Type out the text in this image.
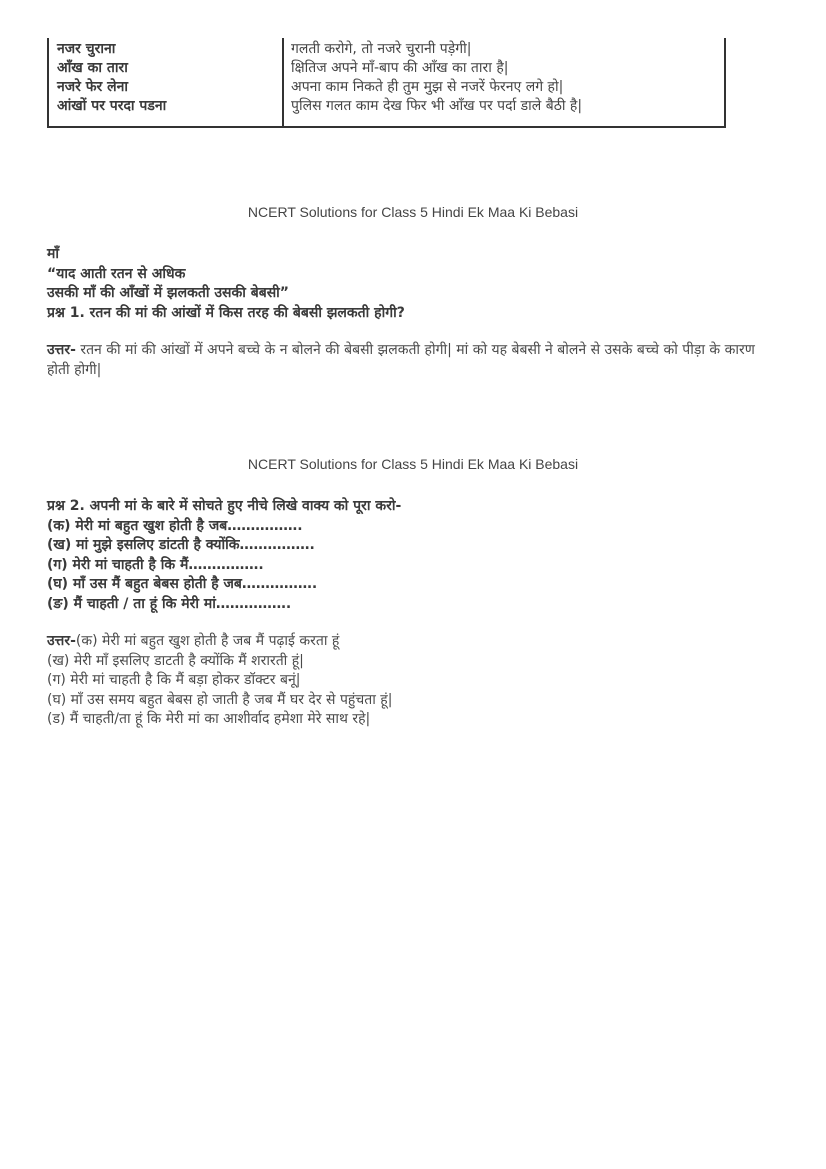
नजर चुराना	गलती करोगे, तो नजरे चुरानी पड़ेगी|
आँख का तारा	क्षितिज अपने माँ-बाप की आँख का तारा है|
नजरे फेर लेना	अपना काम निकते ही तुम मुझ से नजरें फेरनए लगे हो|
आंखों पर परदा पडना	पुलिस गलत काम देख फिर भी आँख पर पर्दा डाले बैठी है|
NCERT Solutions for Class 5 Hindi Ek Maa Ki Bebasi
माँ
“याद आती रतन से अधिक
उसकी माँ की आँखों में झलकती उसकी बेबसी”
प्रश्न 1. रतन की मां की आंखों में किस तरह की बेबसी झलकती होगी?
उत्तर- रतन की मां की आंखों में अपने बच्चे के न बोलने की बेबसी झलकती होगी| मां को यह बेबसी ने बोलने से उसके बच्चे को पीड़ा के कारण होती होगी|
NCERT Solutions for Class 5 Hindi Ek Maa Ki Bebasi
प्रश्न 2. अपनी मां के बारे में सोचते हुए नीचे लिखे वाक्य को पूरा करो-
(क) मेरी मां बहुत खुश होती है जब…………….
(ख) मां मुझे इसलिए डांटती है क्योंकि…………….
(ग) मेरी मां चाहती है कि मैं…………….
(घ) माँ उस मैं बहुत बेबस होती है जब…………….
(ङ) मैं चाहती / ता हूं कि मेरी मां…………….
उत्तर-(क) मेरी मां बहुत खुश होती है जब मैं पढ़ाई करता हूं
(ख) मेरी माँ इसलिए डाटती है क्योंकि मैं शरारती हूं|
(ग) मेरी मां चाहती है कि मैं बड़ा होकर डॉक्टर बनूं|
(घ) माँ उस समय बहुत बेबस हो जाती है जब मैं घर देर से पहुंचता हूं|
(ड) मैं चाहती/ता हूं कि मेरी मां का आशीर्वाद हमेशा मेरे साथ रहे|
